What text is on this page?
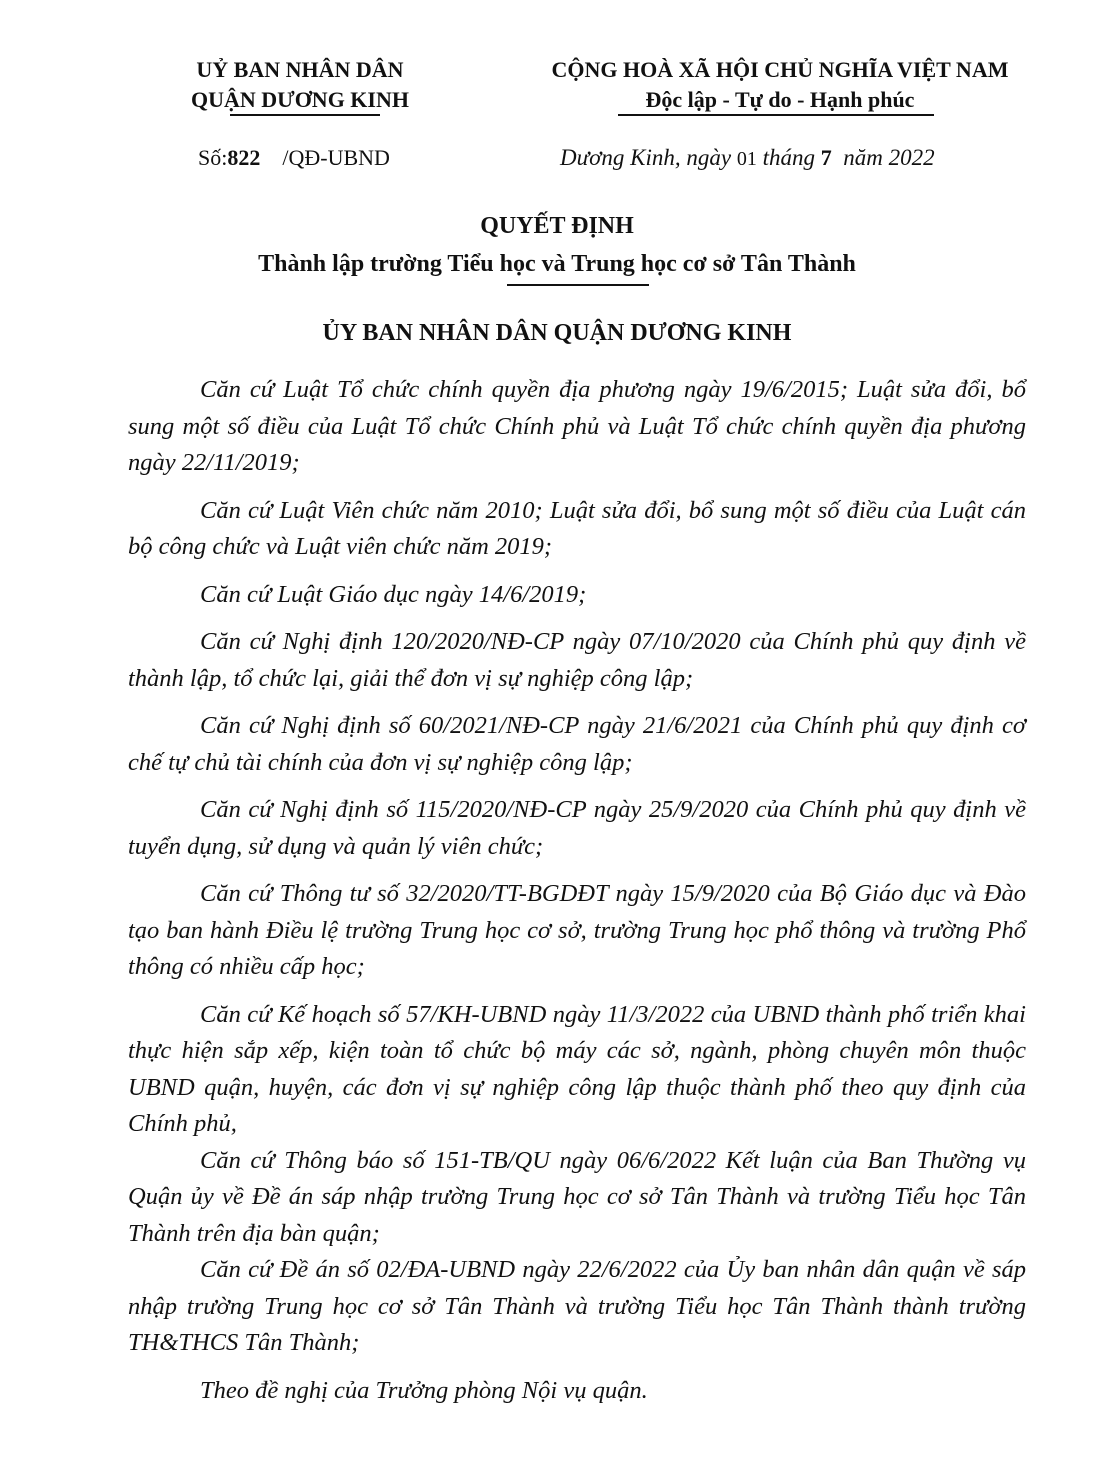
UỶ BAN NHÂN DÂN
QUẬN DƯƠNG KINH
CỘNG HOÀ XÃ HỘI CHỦ NGHĨA VIỆT NAM
Độc lập - Tự do - Hạnh phúc
Số:822 /QĐ-UBND	Dương Kinh, ngày 01 tháng 7  năm 2022
QUYẾT ĐỊNH
Thành lập trường Tiểu học và Trung học cơ sở Tân Thành
ỦY BAN NHÂN DÂN QUẬN DƯƠNG KINH

Căn cứ Luật Tổ chức chính quyền địa phương ngày 19/6/2015; Luật sửa đổi, bổ sung một số điều của Luật Tổ chức Chính phủ và Luật Tổ chức chính quyền địa phương ngày 22/11/2019;

Căn cứ Luật Viên chức năm 2010; Luật sửa đổi, bổ sung một số điều của Luật cán bộ công chức và Luật viên chức năm 2019;

Căn cứ Luật Giáo dục ngày 14/6/2019;

Căn cứ Nghị định 120/2020/NĐ-CP ngày 07/10/2020 của Chính phủ quy định về thành lập, tổ chức lại, giải thể đơn vị sự nghiệp công lập;

Căn cứ Nghị định số 60/2021/NĐ-CP ngày 21/6/2021 của Chính phủ quy định cơ chế tự chủ tài chính của đơn vị sự nghiệp công lập;

Căn cứ Nghị định số 115/2020/NĐ-CP ngày 25/9/2020 của Chính phủ quy định về tuyển dụng, sử dụng và quản lý viên chức;

Căn cứ Thông tư số 32/2020/TT-BGDĐT ngày 15/9/2020 của Bộ Giáo dục và Đào tạo ban hành Điều lệ trường Trung học cơ sở, trường Trung học phổ thông và trường Phổ thông có nhiều cấp học;

Căn cứ Kế hoạch số 57/KH-UBND ngày 11/3/2022 của UBND thành phố triển khai thực hiện sắp xếp, kiện toàn tổ chức bộ máy các sở, ngành, phòng chuyên môn thuộc UBND quận, huyện, các đơn vị sự nghiệp công lập thuộc thành phố theo quy định của Chính phủ,

Căn cứ Thông báo số 151-TB/QU ngày 06/6/2022 Kết luận của Ban Thường vụ Quận ủy về Đề án sáp nhập trường Trung học cơ sở Tân Thành và trường Tiểu học Tân Thành trên địa bàn quận;

Căn cứ Đề án số 02/ĐA-UBND ngày 22/6/2022 của Ủy ban nhân dân quận về sáp nhập trường Trung học cơ sở Tân Thành và trường Tiểu học Tân Thành thành trường TH&THCS Tân Thành;

Theo đề nghị của Trưởng phòng Nội vụ quận.
